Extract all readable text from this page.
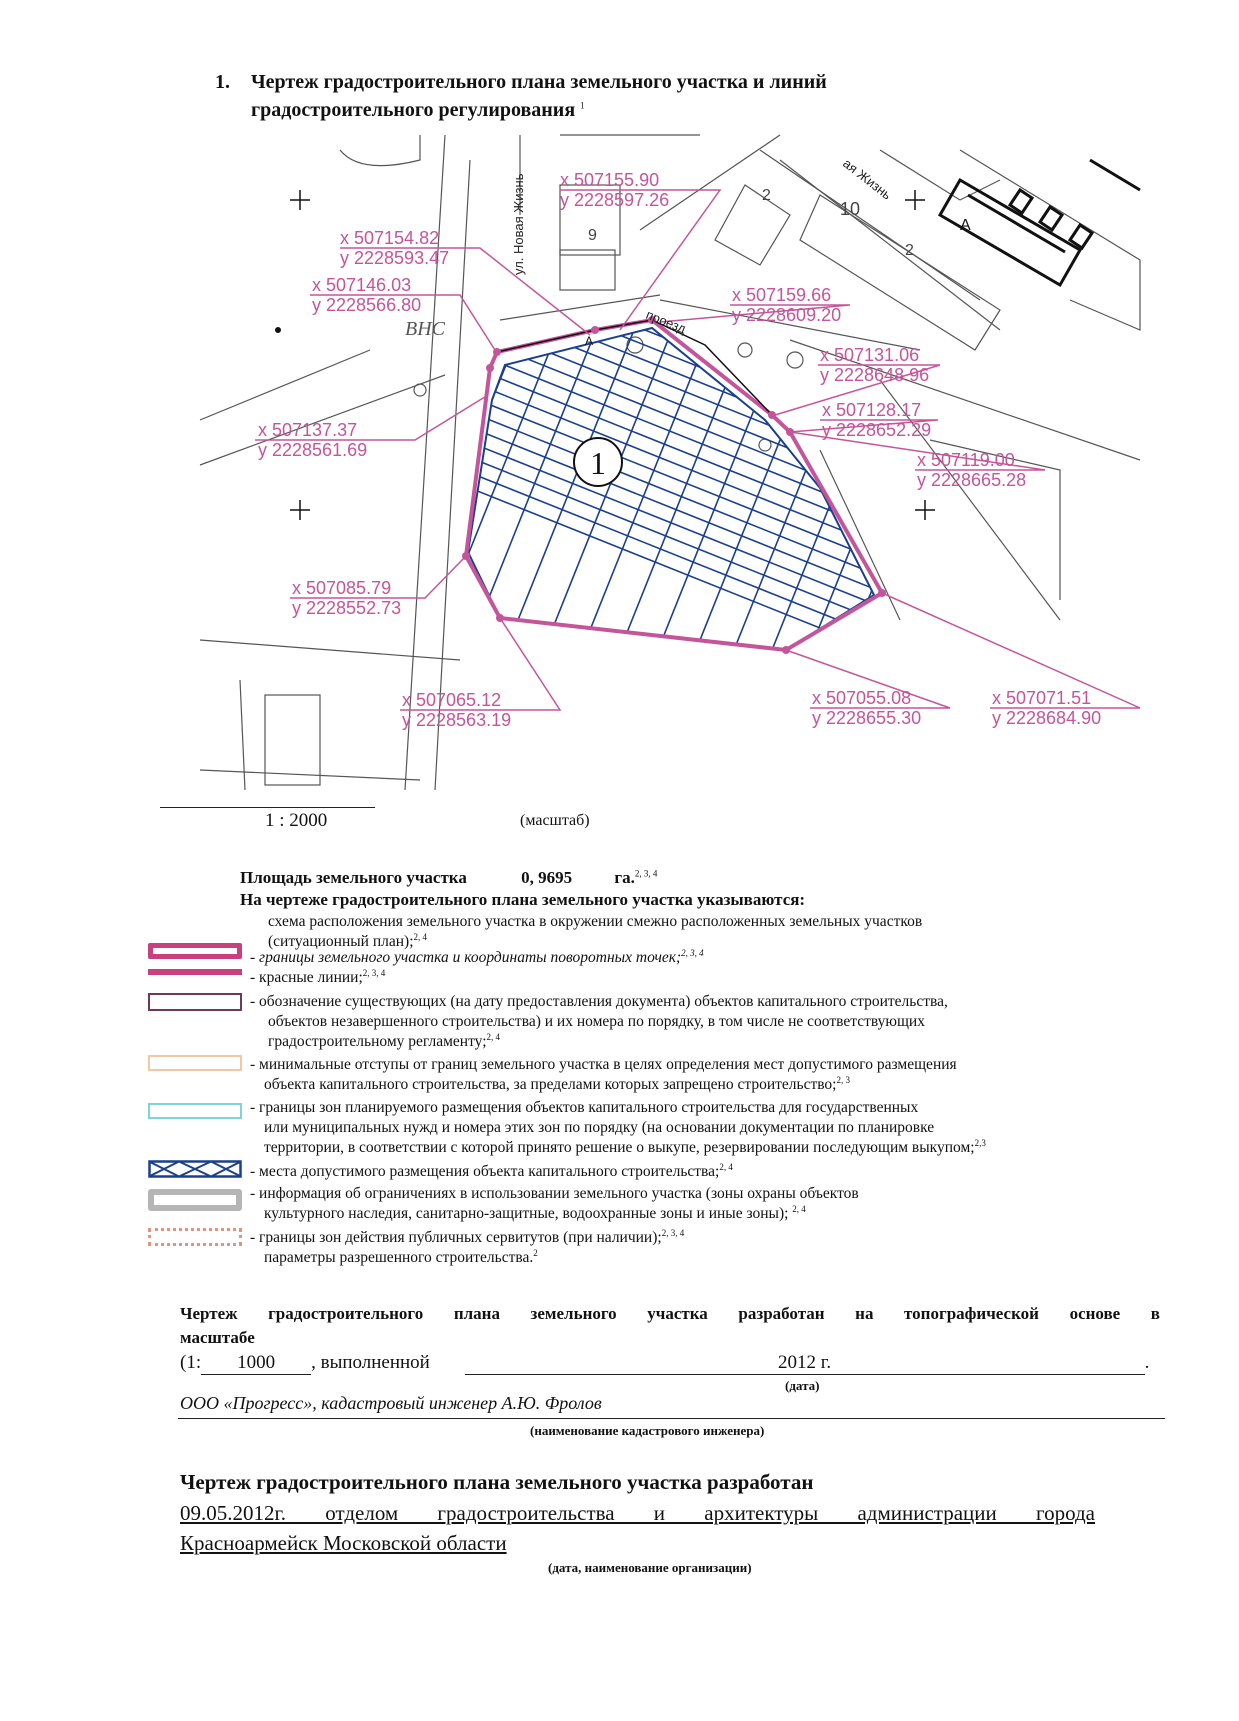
ул. Новая Жизнь	ая Жизнь
проезд
ВНС
9
2
10
A
A
2
1
x 507155.90
y 2228597.26
x 507154.82
y 2228593.47
x 507146.03
y 2228566.80	x 507159.66
y 2228609.20
x 507131.06
y 2228648.96
x 507128.17
y 2228652.29
x 507137.37
y 2228561.69	x 507119.00
y 2228665.28
x 507085.79
y 2228552.73
x 507065.12
y 2228563.19
x 507055.08
y 2228655.30
x 507071.51
y 2228684.90
1. Чертеж градостроительного плана земельного участка и линий
градостроительного регулирования $^1$
1 : 2000	(масштаб)
Площадь земельного участка	0, 9695 га.$^{2, 3, 4}$
На чертеже градостроительного плана земельного участка указываются:
схема расположения земельного участка в окружении смежно расположенных земельных участков
(ситуационный план);$^{2, 4}$
- границы земельного участка и координаты поворотных точек;$^{2, 3, 4}$
- красные линии;$^{2, 3, 4}$
- обозначение существующих (на дату предоставления документа) объектов капитального строительства,
объектов незавершенного строительства) и их номера по порядку, в том числе не соответствующих
градостроительному регламенту;$^{2, 4}$
- минимальные отступы от границ земельного участка в целях определения мест допустимого размещения
объекта капитального строительства, за пределами которых запрещено строительство;$^{2, 3}$
- границы зон планируемого размещения объектов капитального строительства для государственных
или муниципальных нужд и номера этих зон по порядку (на основании документации по планировке
территории, в соответствии с которой принято решение о выкупе, резервировании последующим выкупом;$^{2,3}$
- места допустимого размещения объекта капитального строительства;$^{2, 4}$
- информация об ограничениях в использовании земельного участка (зоны охраны объектов
культурного наследия, санитарно-защитные, водоохранные зоны и иные зоны); $^{2, 4}$
- границы зон действия публичных сервитутов (при наличии);$^{2, 3, 4}$
параметры разрешенного строительства.$^2$
Чертеж градостроительного плана земельного участка разработан на топографической основе в
масштабе
(1: 1000 , выполненной	2012 г.	.
(дата)
ООО «Прогресс», кадастровый инженер А.Ю. Фролов
(наименование кадастрового инженера)
Чертеж градостроительного плана земельного участка разработан
09.05.2012г. отделом градостроительства и архитектуры администрации города
Красноармейск Московской области
(дата, наименование организации)
